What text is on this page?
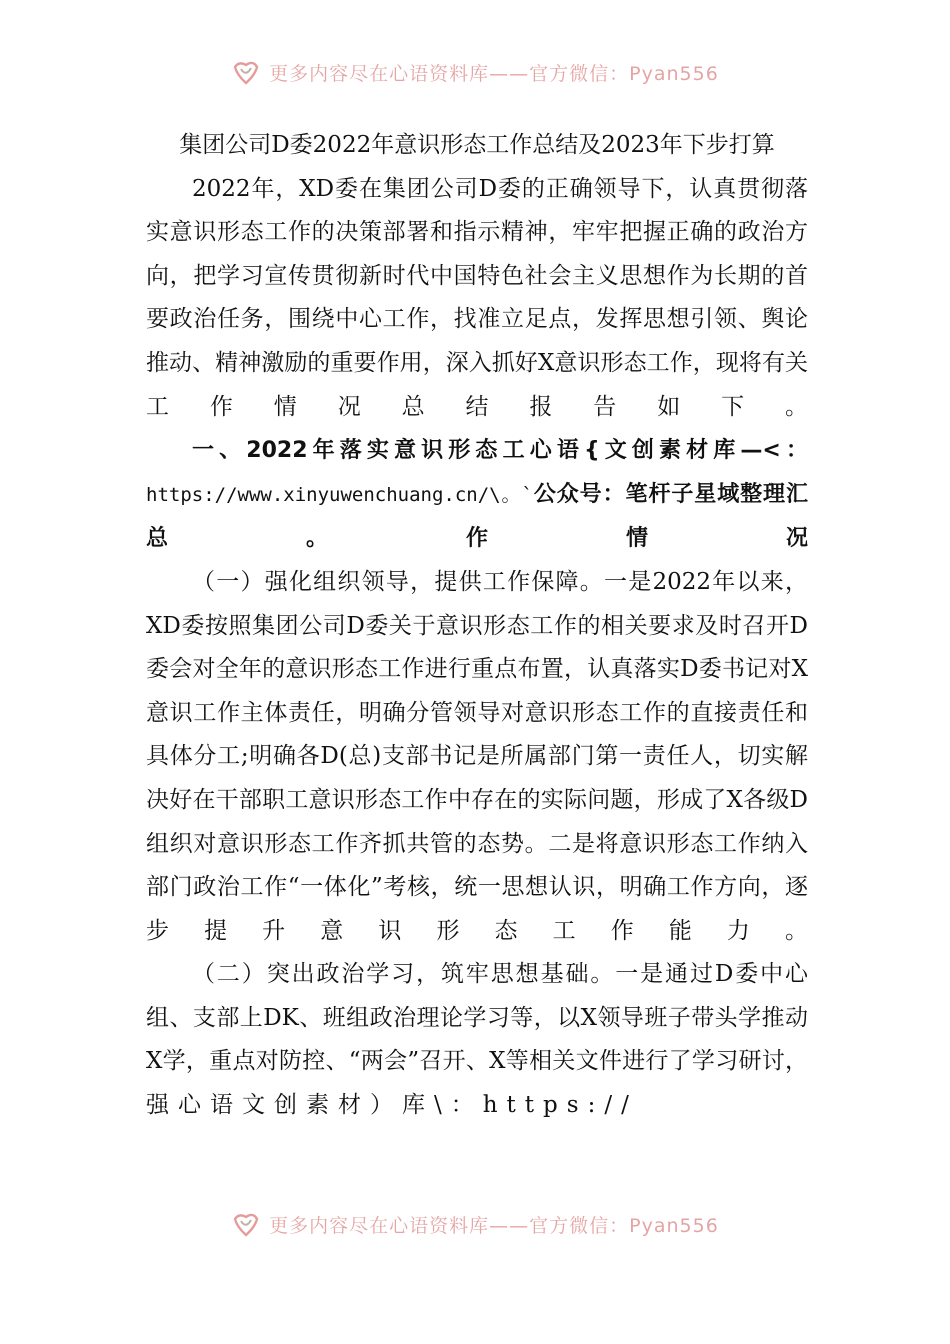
更多内容尽在心语资料库——官方微信：Pyan556

集团公司D委2022年意识形态工作总结及2023年下步打算

2022年，XD委在集团公司D委的正确领导下，认真贯彻落实意识形态工作的决策部署和指示精神，牢牢把握正确的政治方向，把学习宣传贯彻新时代中国特色社会主义思想作为长期的首要政治任务，围绕中心工作，找准立足点，发挥思想引领、舆论推动、精神激励的重要作用，深入抓好X意识形态工作，现将有关工作情况总结报告如下。

一、2022年落实意识形态工心语{文创素材库—<：https://www.xinyuwenchuang.cn/\。`公众号：笔杆子星域整理汇总。作情况

（一）强化组织领导，提供工作保障。一是2022年以来，XD委按照集团公司D委关于意识形态工作的相关要求及时召开D委会对全年的意识形态工作进行重点布置，认真落实D委书记对X意识工作主体责任，明确分管领导对意识形态工作的直接责任和具体分工;明确各D(总)支部书记是所属部门第一责任人，切实解决好在干部职工意识形态工作中存在的实际问题，形成了X各级D组织对意识形态工作齐抓共管的态势。二是将意识形态工作纳入部门政治工作“一体化”考核，统一思想认识，明确工作方向，逐步提升意识形态工作能力。

（二）突出政治学习，筑牢思想基础。一是通过D委中心组、支部上DK、班组政治理论学习等，以X领导班子带头学推动X学，重点对防控、“两会”召开、X等相关文件进行了学习研讨，强心语文创素材）库\：https://

更多内容尽在心语资料库——官方微信：Pyan556
